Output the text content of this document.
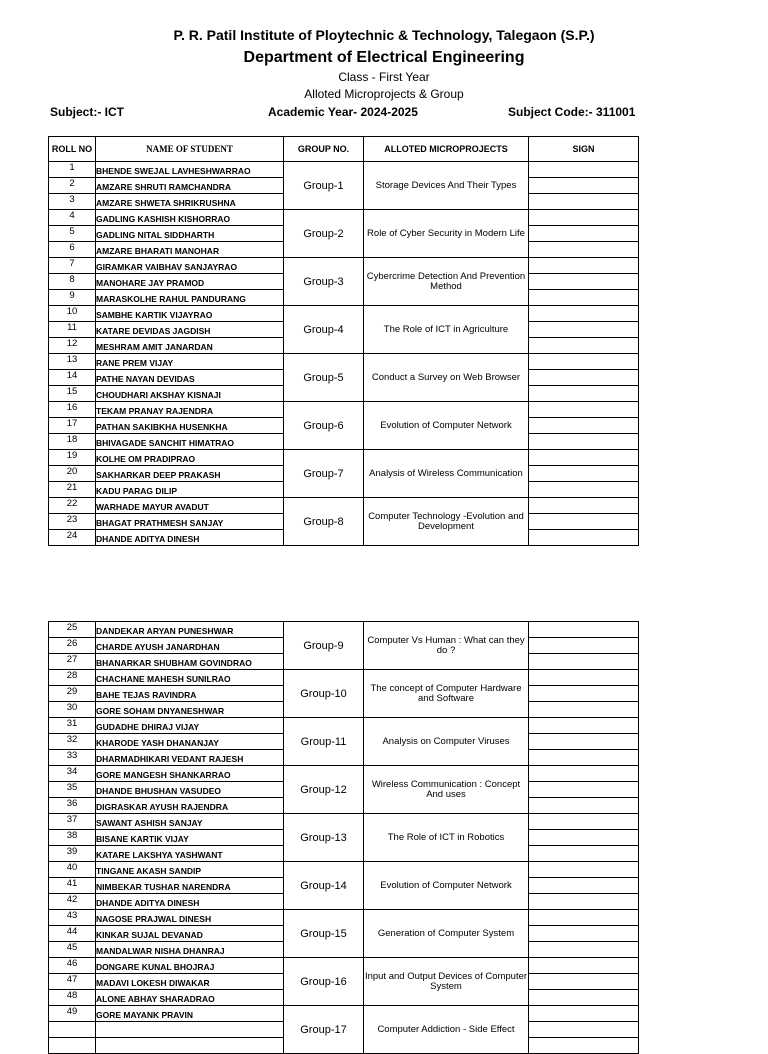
P. R. Patil Institute of Ploytechnic & Technology, Talegaon (S.P.)
Department of Electrical Engineering
Class - First Year
Alloted Microprojects & Group
Subject:- ICT	Academic Year- 2024-2025	Subject Code:- 311001
ROLL NO	NAME OF STUDENT	GROUP NO.	ALLOTED MICROPROJECTS	SIGN
1	BHENDE SWEJAL LAVHESHWARRAO	Group-1	Storage Devices And Their Types	
2	AMZARE SHRUTI RAMCHANDRA			
3	AMZARE SHWETA SHRIKRUSHNA			
4	GADLING KASHISH KISHORRAO	Group-2	Role of Cyber Security in Modern Life	
5	GADLING NITAL SIDDHARTH			
6	AMZARE BHARATI MANOHAR			
7	GIRAMKAR VAIBHAV SANJAYRAO	Group-3	Cybercrime Detection And Prevention Method	
8	MANOHARE JAY PRAMOD			
9	MARASKOLHE RAHUL PANDURANG			
10	SAMBHE KARTIK VIJAYRAO	Group-4	The Role of ICT in Agriculture	
11	KATARE DEVIDAS JAGDISH			
12	MESHRAM AMIT JANARDAN			
13	RANE PREM VIJAY	Group-5	Conduct a Survey on Web Browser	
14	PATHE NAYAN DEVIDAS			
15	CHOUDHARI AKSHAY KISNAJI			
16	TEKAM PRANAY RAJENDRA	Group-6	Evolution of Computer Network	
17	PATHAN SAKIBKHA HUSENKHA			
18	BHIVAGADE SANCHIT HIMATRAO			
19	KOLHE OM PRADIPRAO	Group-7	Analysis of Wireless Communication	
20	SAKHARKAR DEEP PRAKASH			
21	KADU PARAG DILIP			
22	WARHADE MAYUR AVADUT	Group-8	Computer Technology -Evolution and Development	
23	BHAGAT PRATHMESH SANJAY			
24	DHANDE ADITYA DINESH			
25	DANDEKAR ARYAN PUNESHWAR	Group-9	Computer Vs Human : What can they do ?	
26	CHARDE AYUSH JANARDHAN			
27	BHANARKAR SHUBHAM GOVINDRAO			
28	CHACHANE MAHESH SUNILRAO	Group-10	The concept of Computer Hardware and Software	
29	BAHE TEJAS RAVINDRA			
30	GORE SOHAM DNYANESHWAR			
31	GUDADHE DHIRAJ VIJAY	Group-11	Analysis on Computer Viruses	
32	KHARODE YASH DHANANJAY			
33	DHARMADHIKARI VEDANT RAJESH			
34	GORE MANGESH SHANKARRAO	Group-12	Wireless Communication : Concept And uses	
35	DHANDE BHUSHAN VASUDEO			
36	DIGRASKAR AYUSH RAJENDRA			
37	SAWANT ASHISH SANJAY	Group-13	The Role of ICT in Robotics	
38	BISANE KARTIK VIJAY			
39	KATARE LAKSHYA YASHWANT			
40	TINGANE AKASH SANDIP	Group-14	Evolution of Computer Network	
41	NIMBEKAR TUSHAR NARENDRA			
42	DHANDE ADITYA DINESH			
43	NAGOSE PRAJWAL DINESH	Group-15	Generation of Computer System	
44	KINKAR SUJAL DEVANAD			
45	MANDALWAR NISHA DHANRAJ			
46	DONGARE KUNAL BHOJRAJ	Group-16	Input and Output Devices of Computer System	
47	MADAVI LOKESH DIWAKAR			
48	ALONE ABHAY SHARADRAO			
49	GORE MAYANK PRAVIN	Group-17	Computer Addiction - Side Effect	
